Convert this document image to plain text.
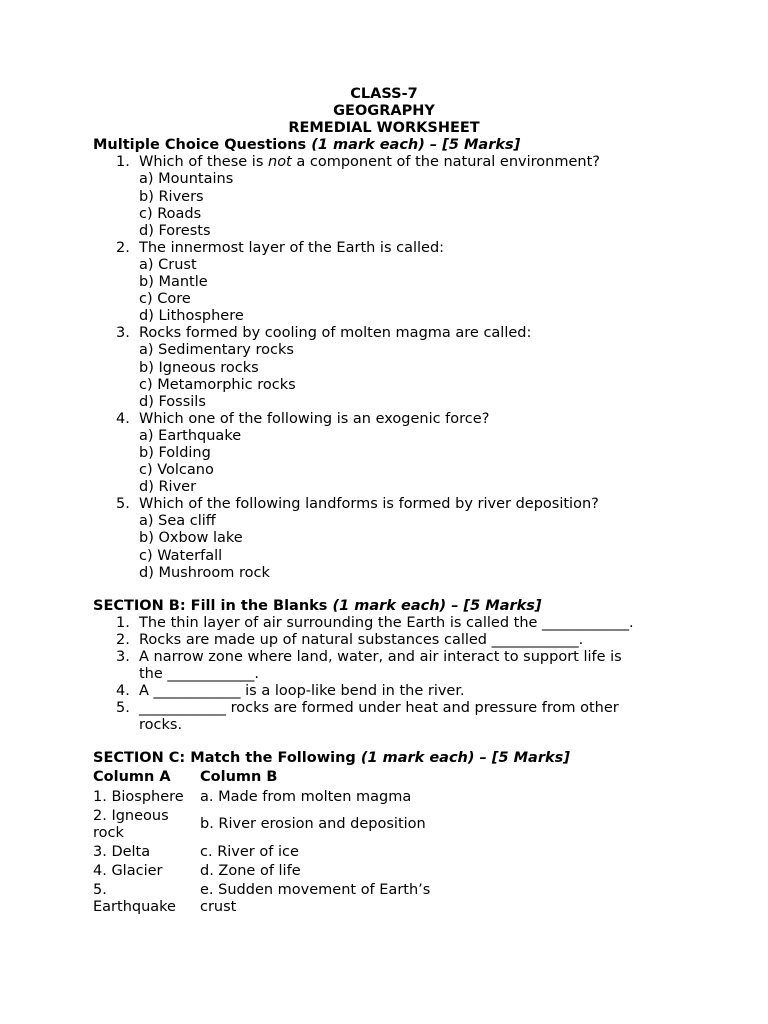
CLASS-7
GEOGRAPHY
REMEDIAL WORKSHEET
Multiple Choice Questions (1 mark each) – [5 Marks]
1. Which of these is not a component of the natural environment?
a) Mountains
b) Rivers
c) Roads
d) Forests
2. The innermost layer of the Earth is called:
a) Crust
b) Mantle
c) Core
d) Lithosphere
3. Rocks formed by cooling of molten magma are called:
a) Sedimentary rocks
b) Igneous rocks
c) Metamorphic rocks
d) Fossils
4. Which one of the following is an exogenic force?
a) Earthquake
b) Folding
c) Volcano
d) River
5. Which of the following landforms is formed by river deposition?
a) Sea cliff
b) Oxbow lake
c) Waterfall
d) Mushroom rock
SECTION B: Fill in the Blanks (1 mark each) – [5 Marks]
1. The thin layer of air surrounding the Earth is called the ____________.
2. Rocks are made up of natural substances called ____________.
3. A narrow zone where land, water, and air interact to support life is
the ____________.
4. A ____________ is a loop-like bend in the river.
5. ____________ rocks are formed under heat and pressure from other
rocks.
SECTION C: Match the Following (1 mark each) – [5 Marks]
Column A	Column B
1. Biosphere	a. Made from molten magma
2. Igneous
rock	b. River erosion and deposition
3. Delta	c. River of ice
4. Glacier	d. Zone of life
5.
Earthquake	e. Sudden movement of Earth’s
crust
